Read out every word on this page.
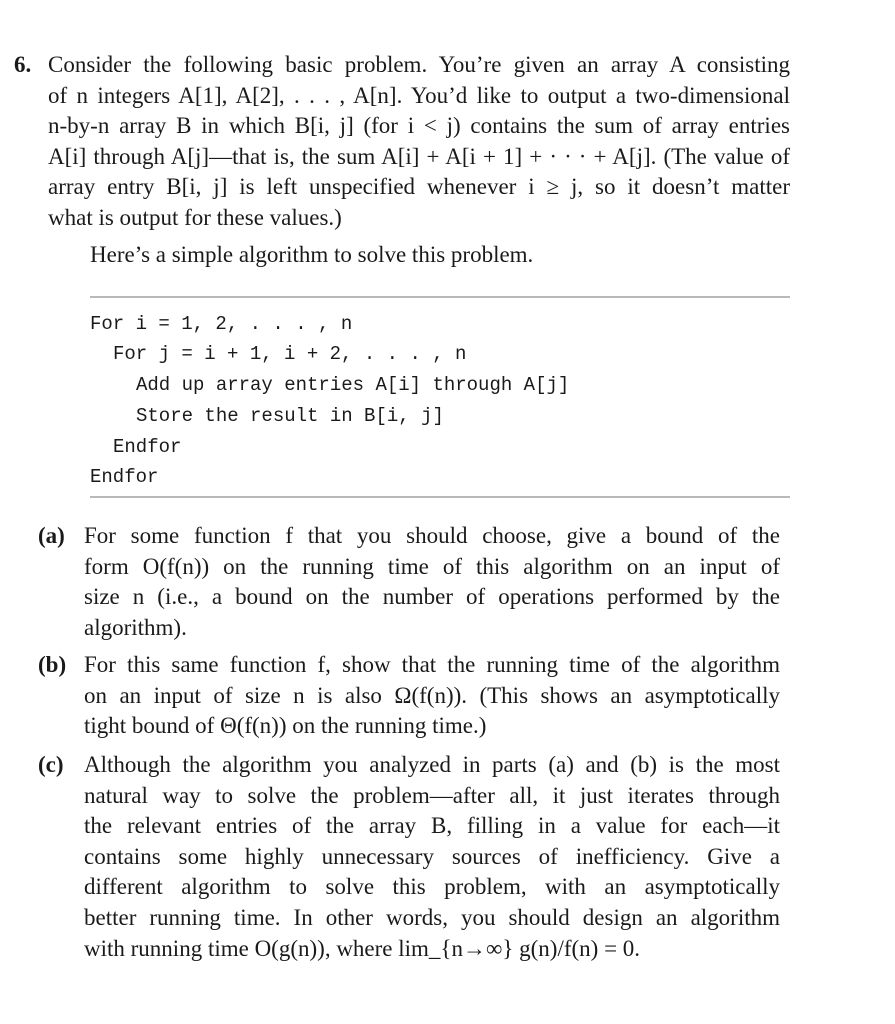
6. Consider the following basic problem. You’re given an array A consisting
of n integers A[1], A[2], . . . , A[n]. You’d like to output a two-dimensional
n-by-n array B in which B[i, j] (for i < j) contains the sum of array entries
A[i] through A[j]—that is, the sum A[i] + A[i + 1] + · · · + A[j]. (The value of
array entry B[i, j] is left unspecified whenever i ≥ j, so it doesn’t matter
what is output for these values.)
Here’s a simple algorithm to solve this problem.
For i = 1, 2, . . . , n
For j = i + 1, i + 2, . . . , n
Add up array entries A[i] through A[j]
Store the result in B[i, j]
Endfor
Endfor
(a) For some function f that you should choose, give a bound of the
form O(f(n)) on the running time of this algorithm on an input of
size n (i.e., a bound on the number of operations performed by the
algorithm).
(b) For this same function f, show that the running time of the algorithm
on an input of size n is also Ω(f(n)). (This shows an asymptotically
tight bound of Θ(f(n)) on the running time.)
(c) Although the algorithm you analyzed in parts (a) and (b) is the most
natural way to solve the problem—after all, it just iterates through
the relevant entries of the array B, filling in a value for each—it
contains some highly unnecessary sources of inefficiency. Give a
different algorithm to solve this problem, with an asymptotically
better running time. In other words, you should design an algorithm
with running time O(g(n)), where lim_{n→∞} g(n)/f(n) = 0.
